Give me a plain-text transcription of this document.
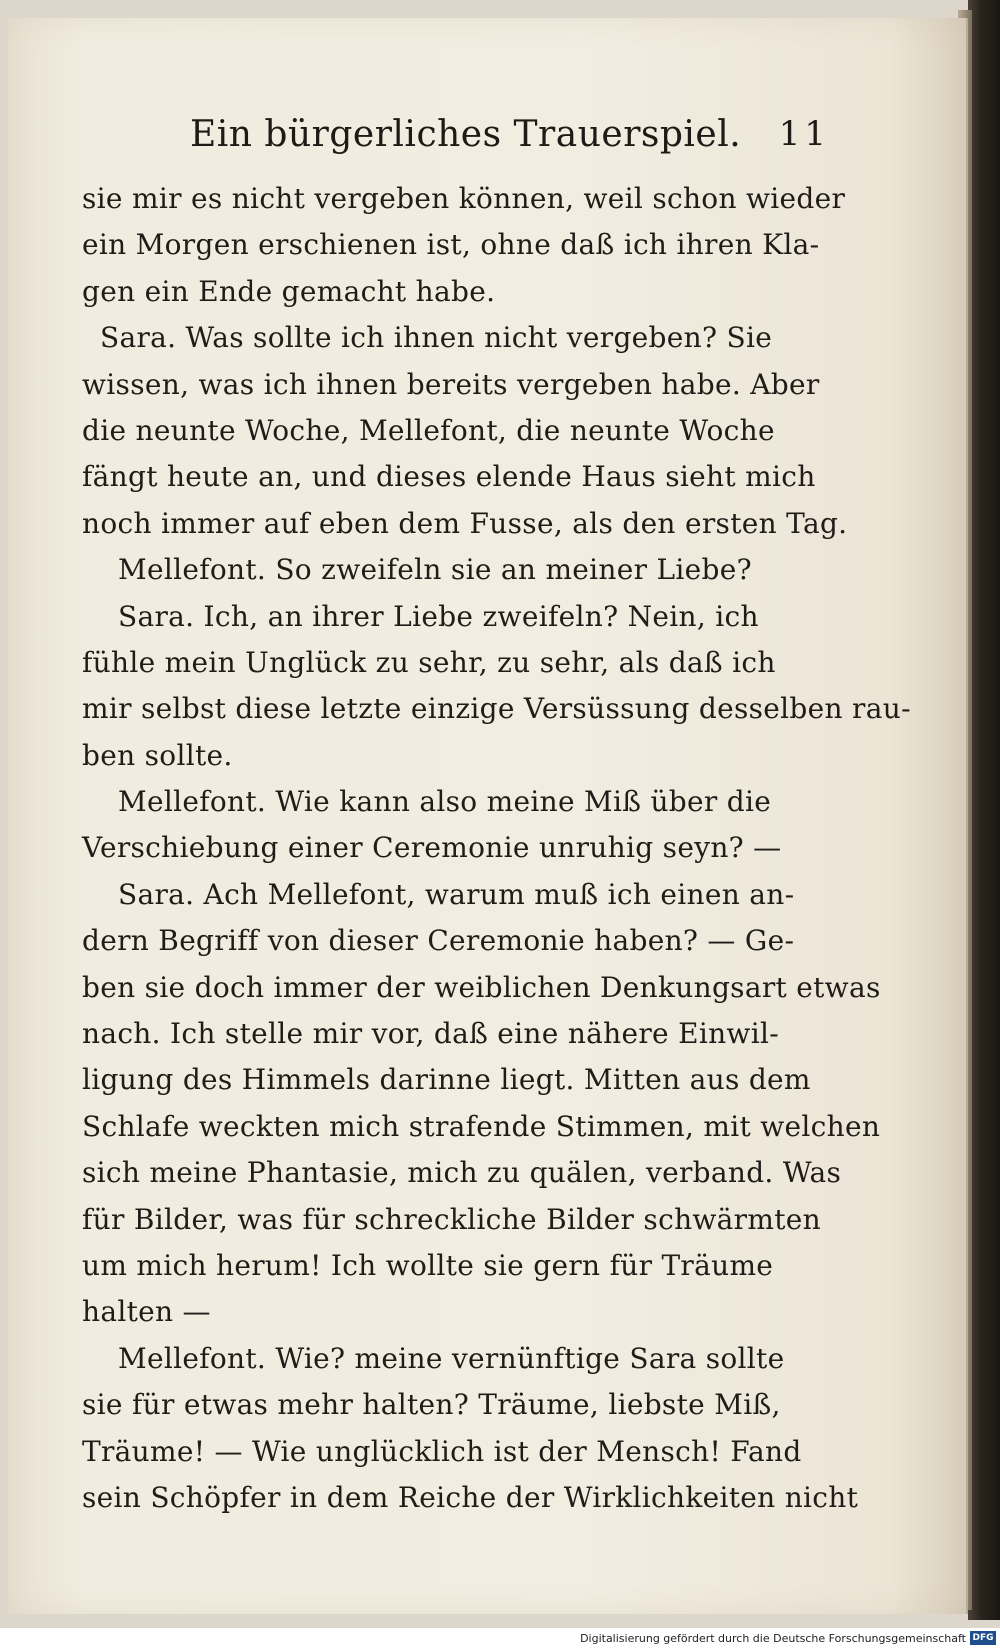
Ein bürgerliches Trauerspiel. 11
sie mir es nicht vergeben können, weil schon wieder
ein Morgen erschienen ist, ohne daß ich ihren Kla-
gen ein Ende gemacht habe.
Sara. Was sollte ich ihnen nicht vergeben? Sie
wissen, was ich ihnen bereits vergeben habe. Aber
die neunte Woche, Mellefont, die neunte Woche
fängt heute an, und dieses elende Haus sieht mich
noch immer auf eben dem Fusse, als den ersten Tag.
Mellefont. So zweifeln sie an meiner Liebe?
Sara. Ich, an ihrer Liebe zweifeln? Nein, ich
fühle mein Unglück zu sehr, zu sehr, als daß ich
mir selbst diese letzte einzige Versüssung desselben rau-
ben sollte.
Mellefont. Wie kann also meine Miß über die
Verschiebung einer Ceremonie unruhig seyn? —
Sara. Ach Mellefont, warum muß ich einen an-
dern Begriff von dieser Ceremonie haben? — Ge-
ben sie doch immer der weiblichen Denkungsart etwas
nach. Ich stelle mir vor, daß eine nähere Einwil-
ligung des Himmels darinne liegt. Mitten aus dem
Schlafe weckten mich strafende Stimmen, mit welchen
sich meine Phantasie, mich zu quälen, verband. Was
für Bilder, was für schreckliche Bilder schwärmten
um mich herum! Ich wollte sie gern für Träume
halten —
Mellefont. Wie? meine vernünftige Sara sollte
sie für etwas mehr halten? Träume, liebste Miß,
Träume! — Wie unglücklich ist der Mensch! Fand
sein Schöpfer in dem Reiche der Wirklichkeiten nicht
Digitalisierung gefördert durch die Deutsche Forschungsgemeinschaft DFG
